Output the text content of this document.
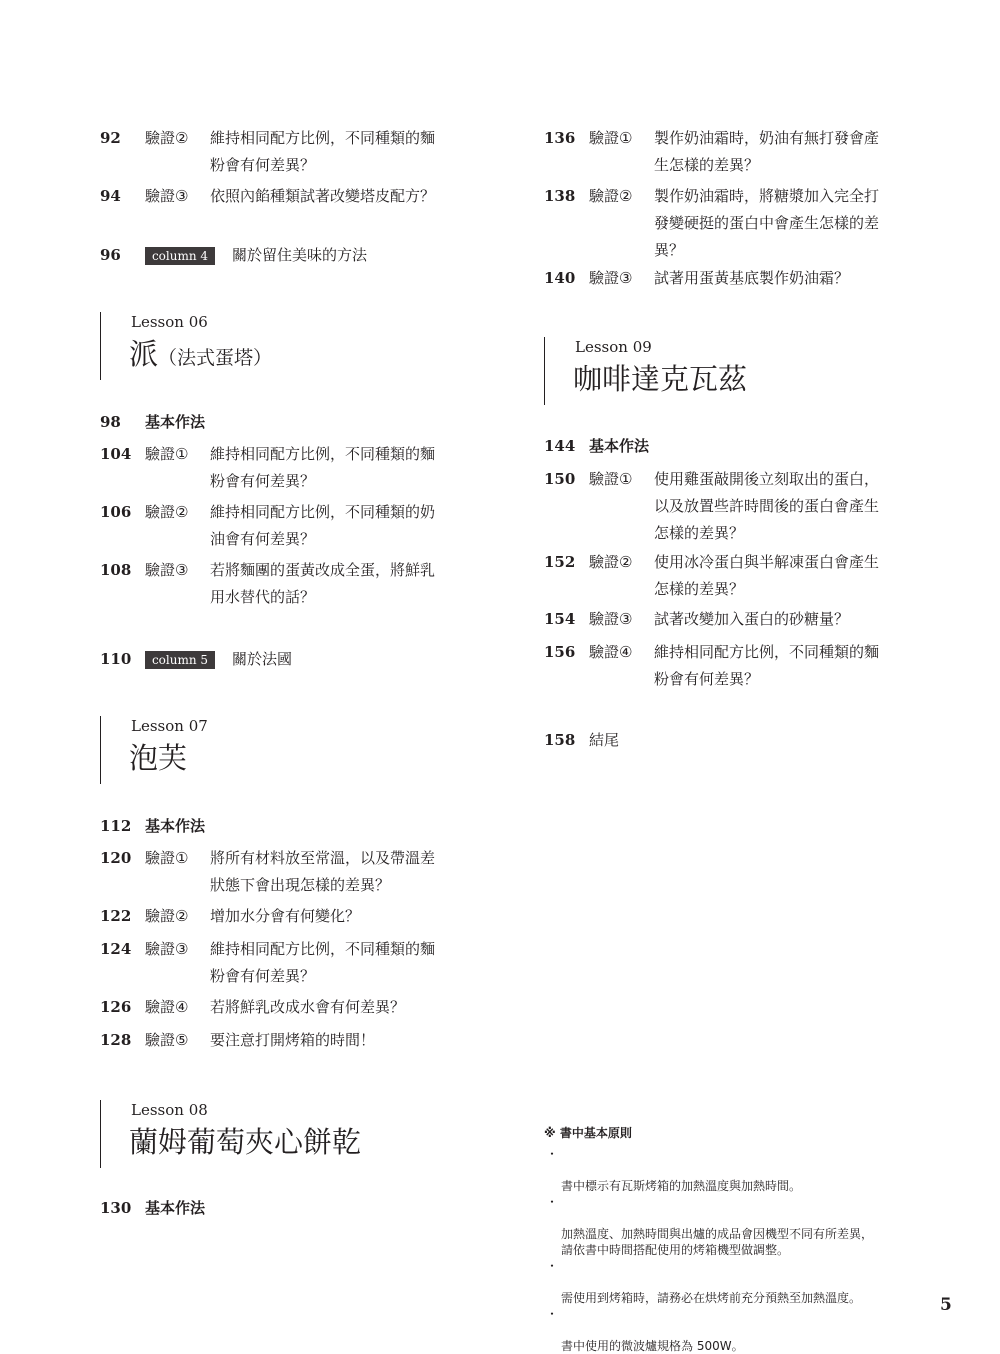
92 驗證② 維持相同配方比例，不同種類的麵
粉會有何差異？
94 驗證③ 依照內餡種類試著改變塔皮配方？
96	column 4	關於留住美味的方法
Lesson 06
派（法式蛋塔）
98 基本作法
104 驗證① 維持相同配方比例，不同種類的麵
粉會有何差異？
106 驗證② 維持相同配方比例，不同種類的奶
油會有何差異？
108 驗證③ 若將麵團的蛋黃改成全蛋，將鮮乳
用水替代的話？
110	column 5	關於法國
Lesson 07
泡芙
112 基本作法
120 驗證① 將所有材料放至常溫，以及帶溫差
狀態下會出現怎樣的差異？
122 驗證② 增加水分會有何變化？
124 驗證③ 維持相同配方比例，不同種類的麵
粉會有何差異？
126 驗證④ 若將鮮乳改成水會有何差異？
128 驗證⑤ 要注意打開烤箱的時間！
Lesson 08
蘭姆葡萄夾心餅乾
130 基本作法
136 驗證① 製作奶油霜時，奶油有無打發會產
生怎樣的差異？
138 驗證② 製作奶油霜時，將糖漿加入完全打
發變硬挺的蛋白中會產生怎樣的差
異？
140 驗證③ 試著用蛋黃基底製作奶油霜？
Lesson 09
咖啡達克瓦茲
144 基本作法
150 驗證① 使用雞蛋敲開後立刻取出的蛋白，
以及放置些許時間後的蛋白會產生
怎樣的差異？
152 驗證② 使用冰冷蛋白與半解凍蛋白會產生
怎樣的差異？
154 驗證③ 試著改變加入蛋白的砂糖量？
156 驗證④ 維持相同配方比例，不同種類的麵
粉會有何差異？
158 結尾
※ 書中基本原則

・

書中標示有瓦斯烤箱的加熱溫度與加熱時間。

・

加熱溫度、加熱時間與出爐的成品會因機型不同有所差異，
請依書中時間搭配使用的烤箱機型做調整。

・

需使用到烤箱時，請務必在烘烤前充分預熱至加熱溫度。

・

書中使用的微波爐規格為 500W。

5
